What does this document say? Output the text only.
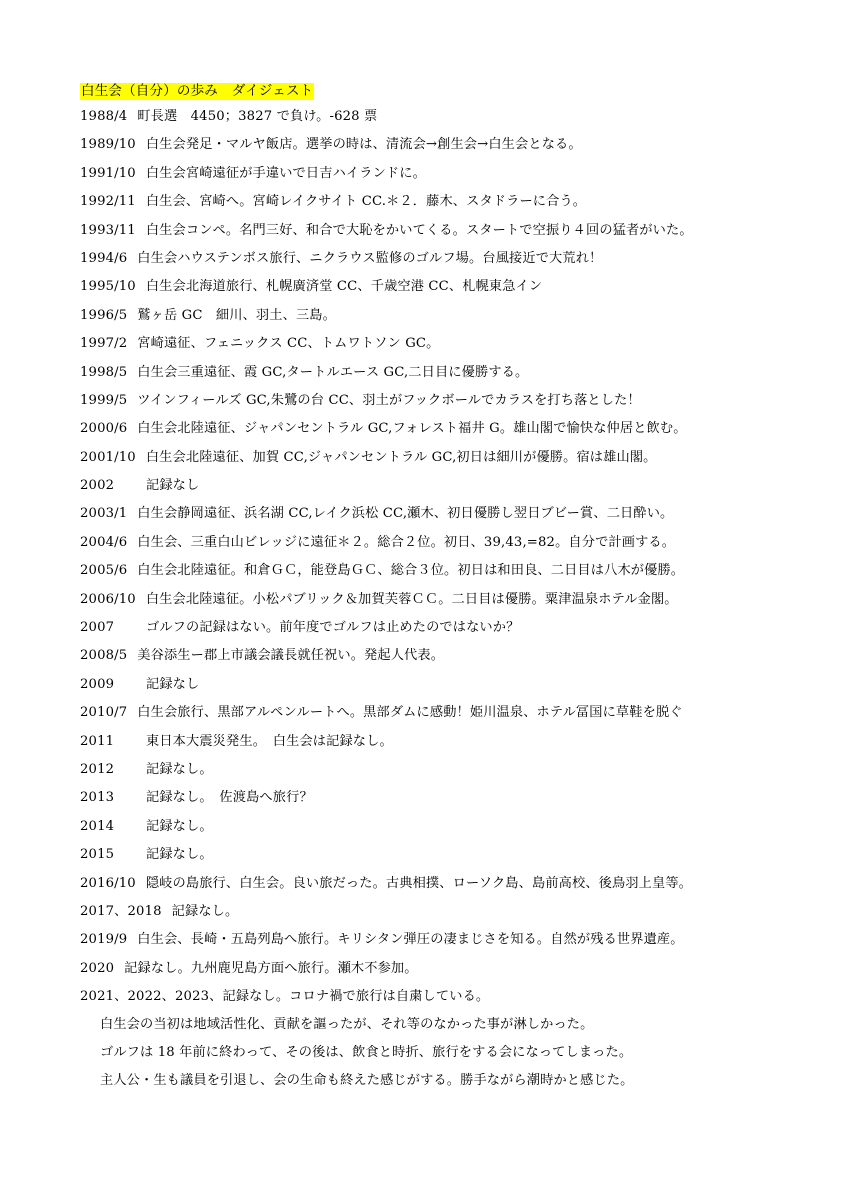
白生会（自分）の歩み　ダイジェスト
1988/4 町長選　4450；3827 で負け。-628 票
1989/10 白生会発足・マルヤ飯店。選挙の時は、清流会→創生会→白生会となる。
1991/10 白生会宮崎遠征が手違いで日吉ハイランドに。
1992/11 白生会、宮崎へ。宮崎レイクサイト CC.＊２．藤木、スタドラーに合う。
1993/11 白生会コンペ。名門三好、和合で大恥をかいてくる。スタートで空振り４回の猛者がいた。
1994/6 白生会ハウステンボス旅行、ニクラウス監修のゴルフ場。台風接近で大荒れ！
1995/10 白生会北海道旅行、札幌廣済堂 CC、千歳空港 CC、札幌東急イン
1996/5 鷲ヶ岳 GC　細川、羽土、三島。
1997/2 宮崎遠征、フェニックス CC、トムワトソン GC。
1998/5 白生会三重遠征、霞 GC,タートルエース GC,二日目に優勝する。
1999/5 ツインフィールズ GC,朱鷺の台 CC、羽土がフックボールでカラスを打ち落とした！
2000/6 白生会北陸遠征、ジャパンセントラル GC,フォレスト福井 G。雄山閣で愉快な仲居と飲む。
2001/10 白生会北陸遠征、加賀 CC,ジャパンセントラル GC,初日は細川が優勝。宿は雄山閣。
2002 記録なし
2003/1 白生会静岡遠征、浜名湖 CC,レイク浜松 CC,瀬木、初日優勝し翌日ブビー賞、二日酔い。
2004/6 白生会、三重白山ビレッジに遠征＊２。総合２位。初日、39,43,=82。自分で計画する。
2005/6 白生会北陸遠征。和倉ＧＣ，能登島ＧＣ、総合３位。初日は和田良、二日目は八木が優勝。
2006/10 白生会北陸遠征。小松パブリック＆加賀芙蓉ＣＣ。二日目は優勝。粟津温泉ホテル金閣。
2007 ゴルフの記録はない。前年度でゴルフは止めたのではないか？
2008/5 美谷添生ー郡上市議会議長就任祝い。発起人代表。
2009 記録なし
2010/7 白生会旅行、黒部アルペンルートへ。黒部ダムに感動！姫川温泉、ホテル冨国に草鞋を脱ぐ
2011 東日本大震災発生。　白生会は記録なし。
2012 記録なし。
2013 記録なし。　佐渡島へ旅行？
2014 記録なし。
2015 記録なし。
2016/10 隠岐の島旅行、白生会。良い旅だった。古典相撲、ローソク島、島前高校、後鳥羽上皇等。
2017、2018 記録なし。
2019/9 白生会、長崎・五島列島へ旅行。キリシタン弾圧の凄まじさを知る。自然が残る世界遺産。
2020 記録なし。九州鹿児島方面へ旅行。瀬木不参加。
2021、2022、2023、記録なし。コロナ禍で旅行は自粛している。
白生会の当初は地域活性化、貢献を謳ったが、それ等のなかった事が淋しかった。
ゴルフは 18 年前に終わって、その後は、飲食と時折、旅行をする会になってしまった。
主人公・生も議員を引退し、会の生命も終えた感じがする。勝手ながら潮時かと感じた。
